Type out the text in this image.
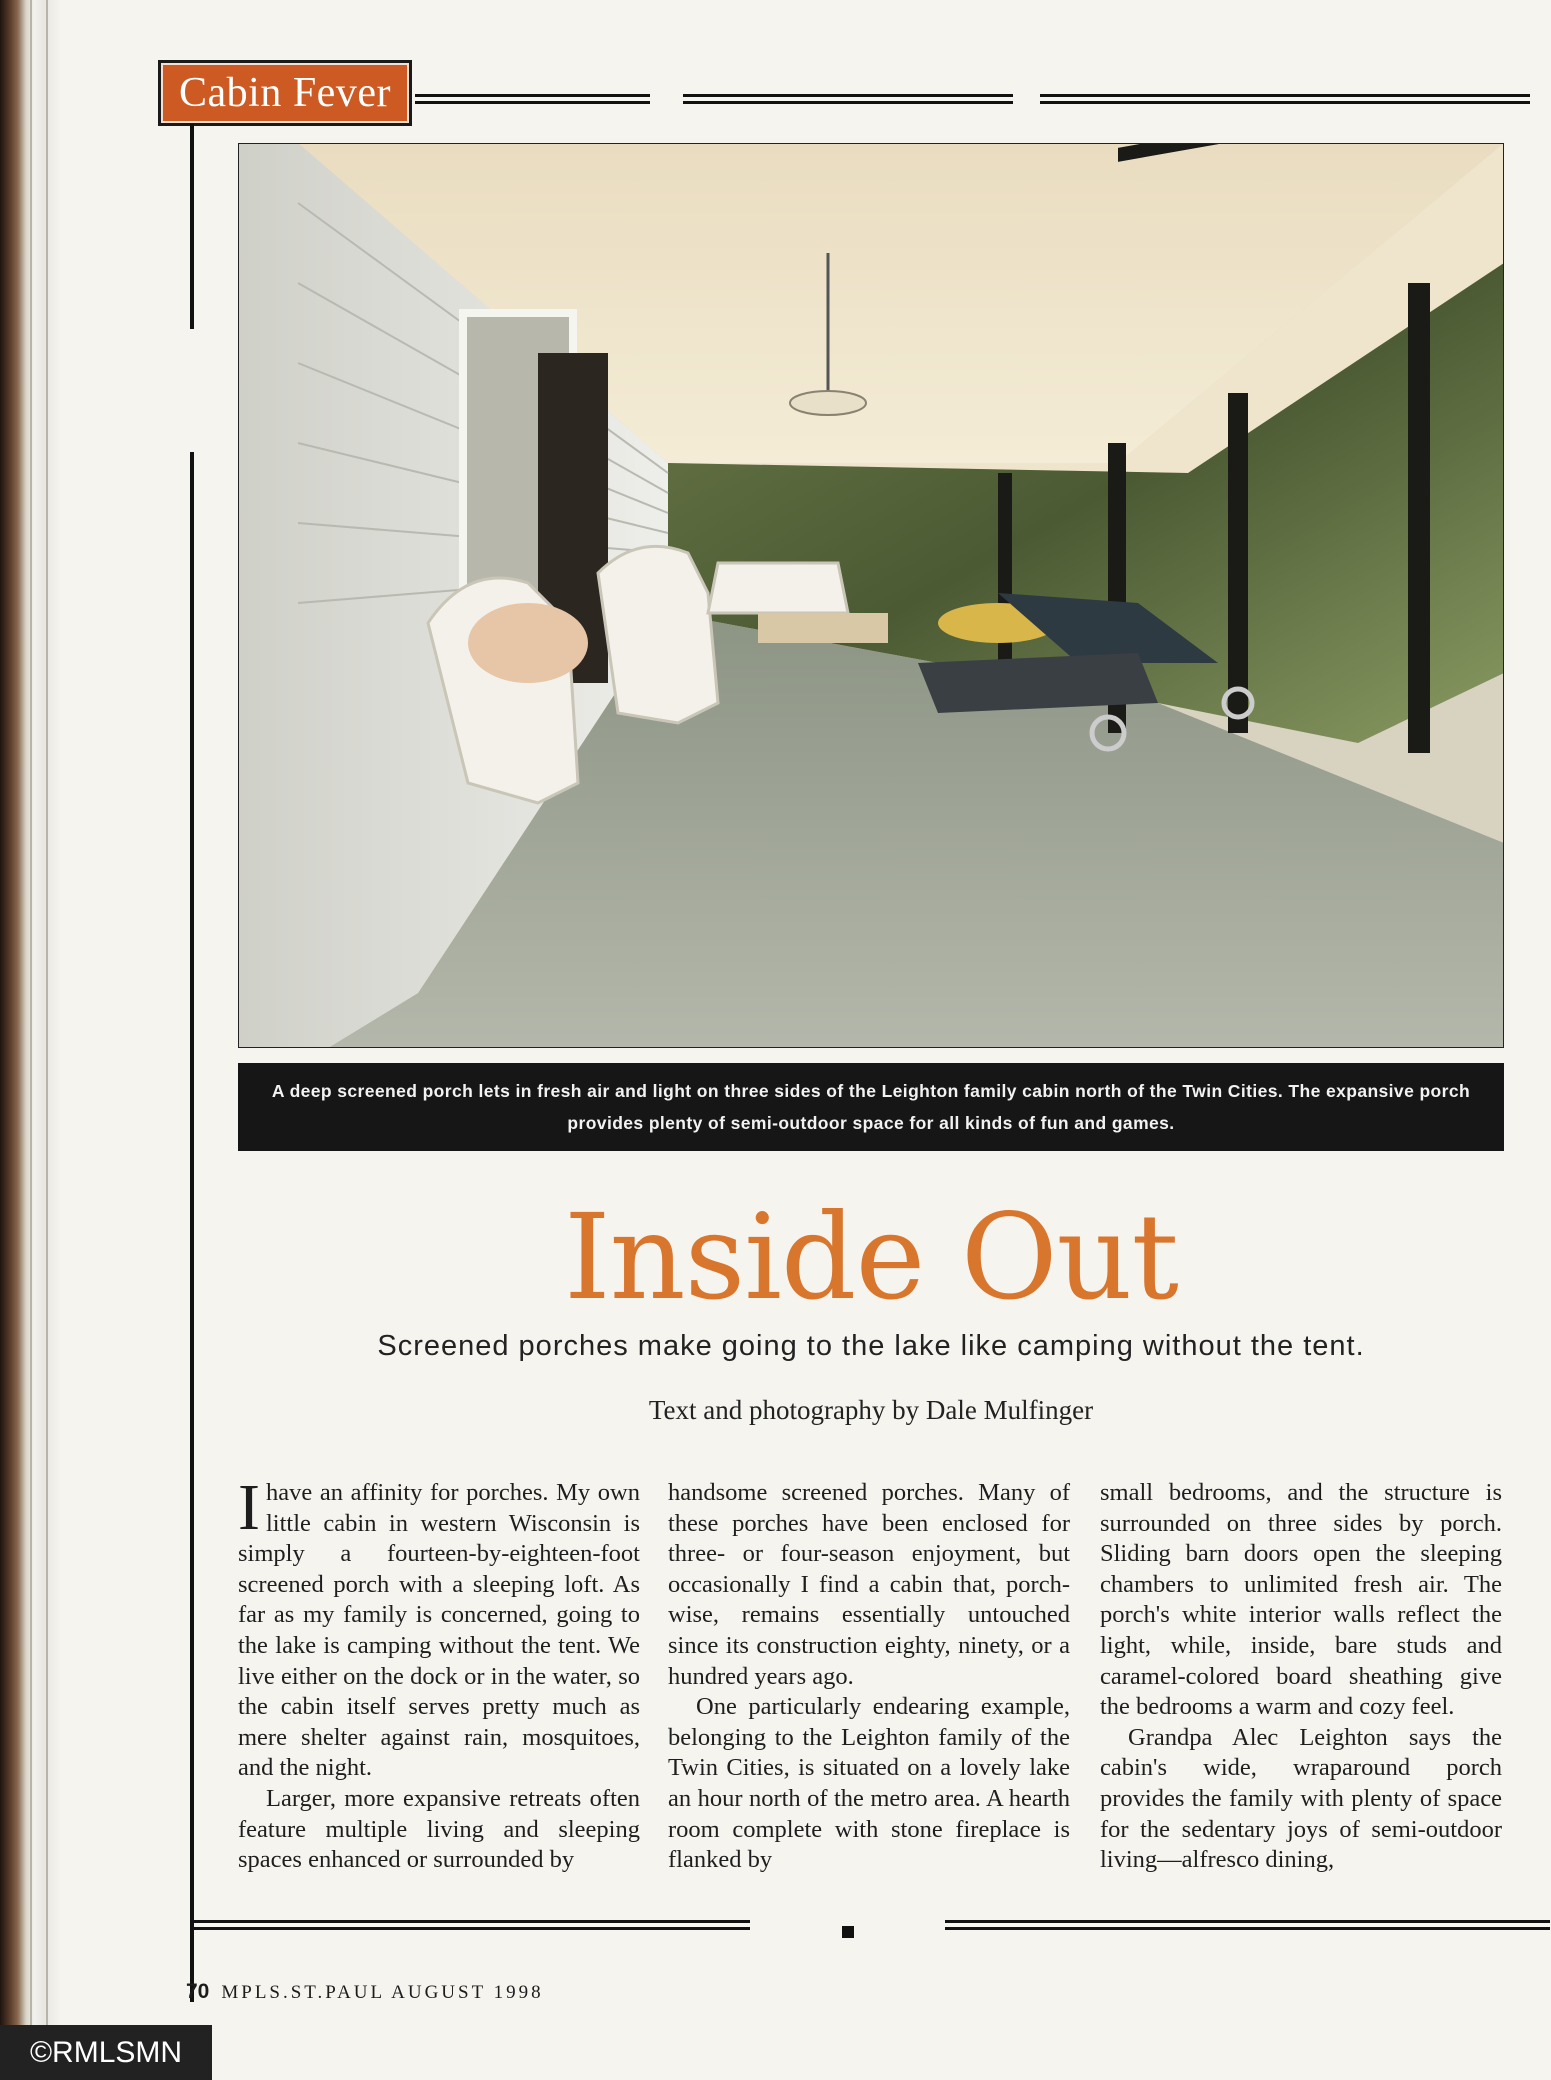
Cabin Fever

A deep screened porch lets in fresh air and light on three sides of the Leighton family cabin north of the Twin Cities. The expansive porch provides plenty of semi-outdoor space for all kinds of fun and games.

Inside Out
Screened porches make going to the lake like camping without the tent.
Text and photography by Dale Mulfinger

Ihave an affinity for porches. My own little cabin in western Wisconsin is simply a fourteen-by-eighteen-foot screened porch with a sleeping loft. As far as my family is concerned, going to the lake is camping without the tent. We live either on the dock or in the water, so the cabin itself serves pretty much as mere shelter against rain, mosquitoes, and the night.

Larger, more expansive retreats often feature multiple living and sleeping spaces enhanced or surrounded by

handsome screened porches. Many of these porches have been enclosed for three- or four-season enjoyment, but occasionally I find a cabin that, porch-wise, remains essentially untouched since its construction eighty, ninety, or a hundred years ago.

One particularly endearing example, belonging to the Leighton family of the Twin Cities, is situated on a lovely lake an hour north of the metro area. A hearth room complete with stone fireplace is flanked by

small bedrooms, and the structure is surrounded on three sides by porch. Sliding barn doors open the sleeping chambers to unlimited fresh air. The porch's white interior walls reflect the light, while, inside, bare studs and caramel-colored board sheathing give the bedrooms a warm and cozy feel.

Grandpa Alec Leighton says the cabin's wide, wraparound porch provides the family with plenty of space for the sedentary joys of semi-outdoor living—alfresco dining,

70 MPLS.ST.PAUL AUGUST 1998
©RMLSMN
